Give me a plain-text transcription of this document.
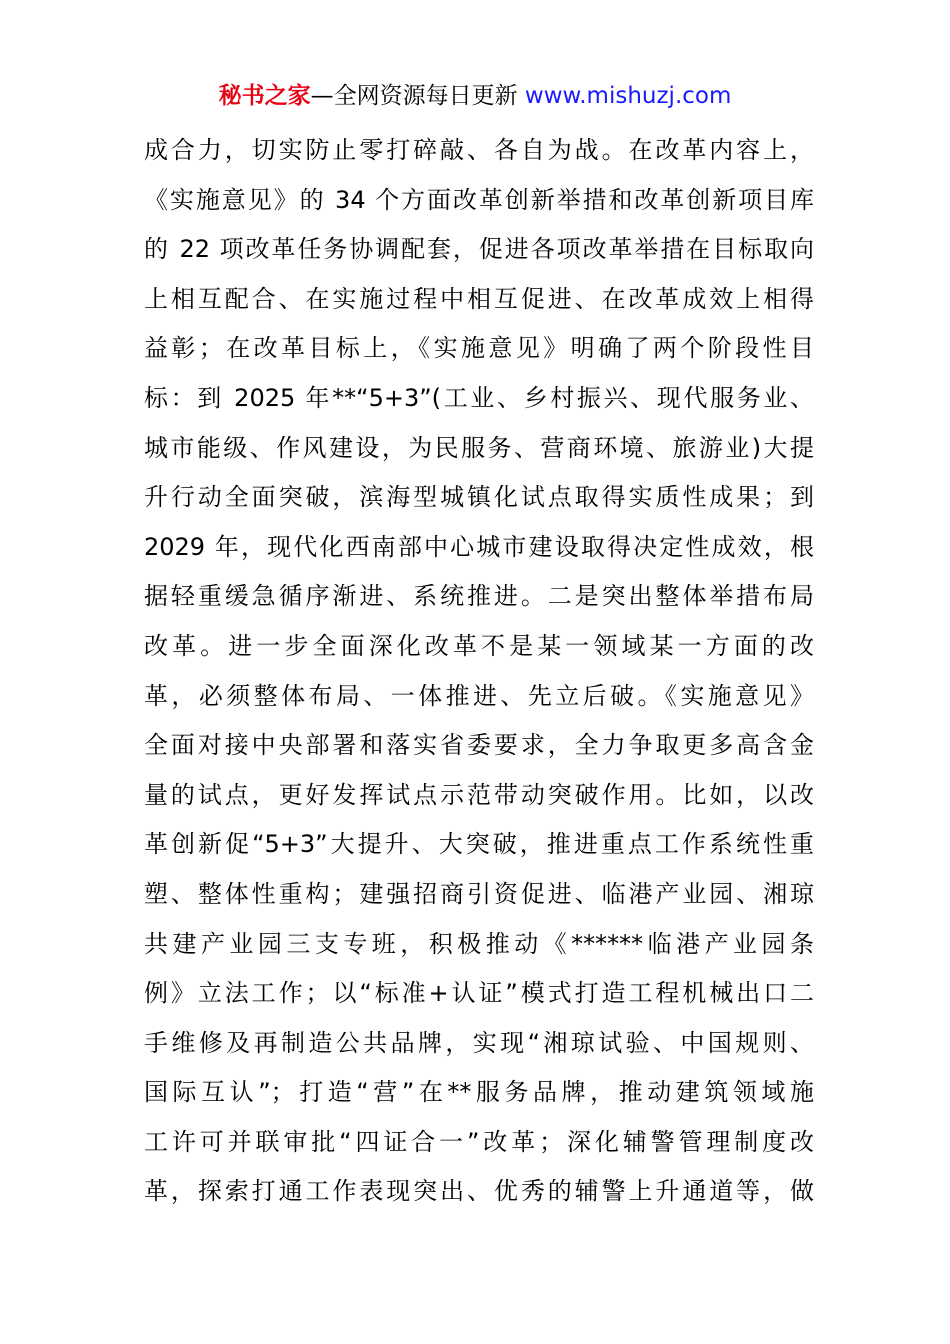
秘书之家—全网资源每日更新 www.mishuzj.com
成合力，切实防止零打碎敲、各自为战。在改革内容上，
《实施意见》的 34 个方面改革创新举措和改革创新项目库
的 22 项改革任务协调配套，促进各项改革举措在目标取向
上相互配合、在实施过程中相互促进、在改革成效上相得
益彰；在改革目标上，《实施意见》明确了两个阶段性目
标：到 2025 年**“5+3”(工业、乡村振兴、现代服务业、
城市能级、作风建设，为民服务、营商环境、旅游业)大提
升行动全面突破，滨海型城镇化试点取得实质性成果；到
2029 年，现代化西南部中心城市建设取得决定性成效，根
据轻重缓急循序渐进、系统推进。二是突出整体举措布局
改革。进一步全面深化改革不是某一领域某一方面的改
革，必须整体布局、一体推进、先立后破。《实施意见》
全面对接中央部署和落实省委要求，全力争取更多高含金
量的试点，更好发挥试点示范带动突破作用。比如，以改
革创新促“5+3”大提升、大突破，推进重点工作系统性重
塑、整体性重构；建强招商引资促进、临港产业园、湘琼
共建产业园三支专班，积极推动《******临港产业园条
例》立法工作；以“标准+认证”模式打造工程机械出口二
手维修及再制造公共品牌，实现“湘琼试验、中国规则、
国际互认”；打造“营”在**服务品牌，推动建筑领域施
工许可并联审批“四证合一”改革；深化辅警管理制度改
革，探索打通工作表现突出、优秀的辅警上升通道等，做
